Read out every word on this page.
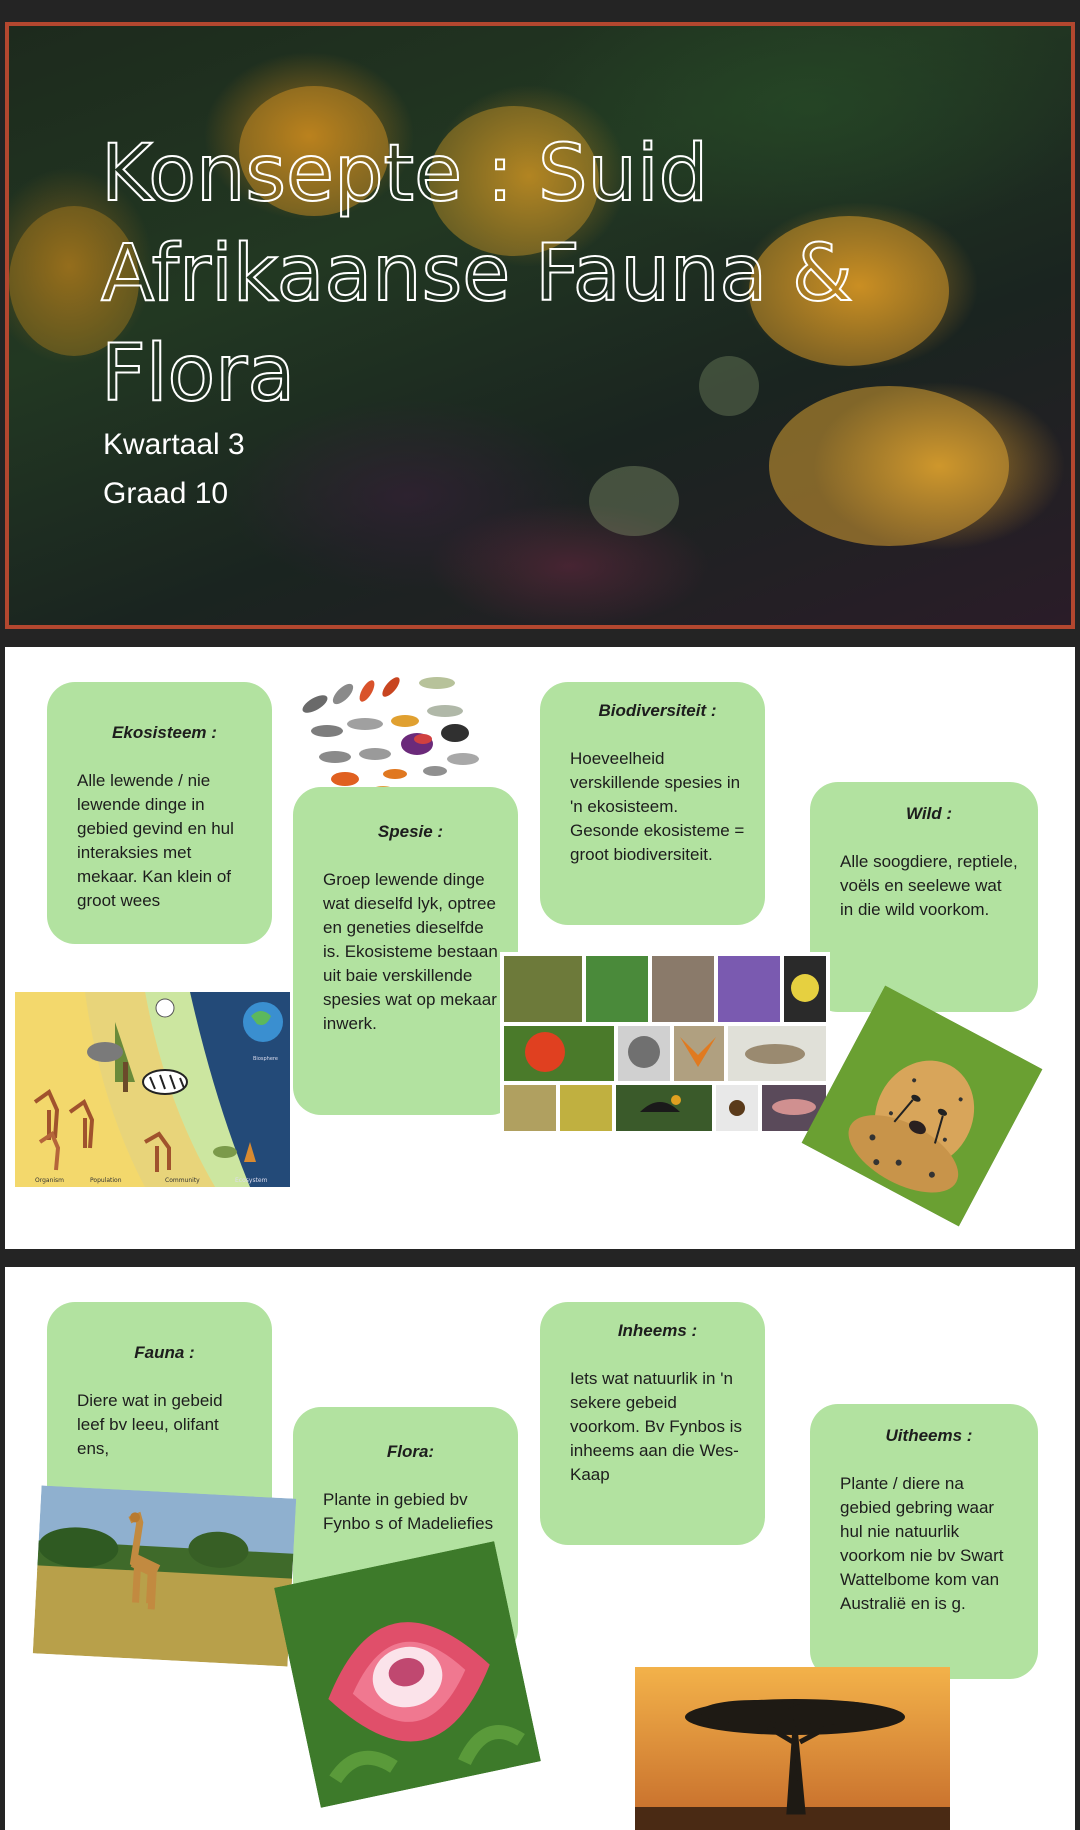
Konsepte : Suid Afrikaanse Fauna & Flora
Kwartaal 3
Graad 10
Ekosisteem :
Alle lewende / nie lewende dinge in gebied gevind en hul interaksies met mekaar. Kan klein of groot wees
Biodiversiteit :
Hoeveelheid verskillende spesies in 'n ekosisteem. Gesonde ekosisteme = groot biodiversiteit.
Spesie :
Groep lewende dinge wat dieselfd lyk, optree en geneties dieselfde is. Ekosisteme bestaan uit baie verskillende spesies wat op mekaar inwerk.
Wild :
Alle soogdiere, reptiele, voëls en seelewe wat in die wild voorkom.
Organism	Population	Community	Ecosystem
Biosphere
Fauna :
Diere wat in gebeid leef bv leeu, olifant ens,
Inheems :
Iets wat natuurlik in 'n sekere gebeid voorkom. Bv Fynbos is inheems aan die Wes-Kaap
Flora:
Plante in gebied bv Fynbo s of Madeliefies
Uitheems :
Plante / diere na gebied gebring waar hul nie natuurlik voorkom nie bv Swart Wattelbome kom van Australië en is g.
